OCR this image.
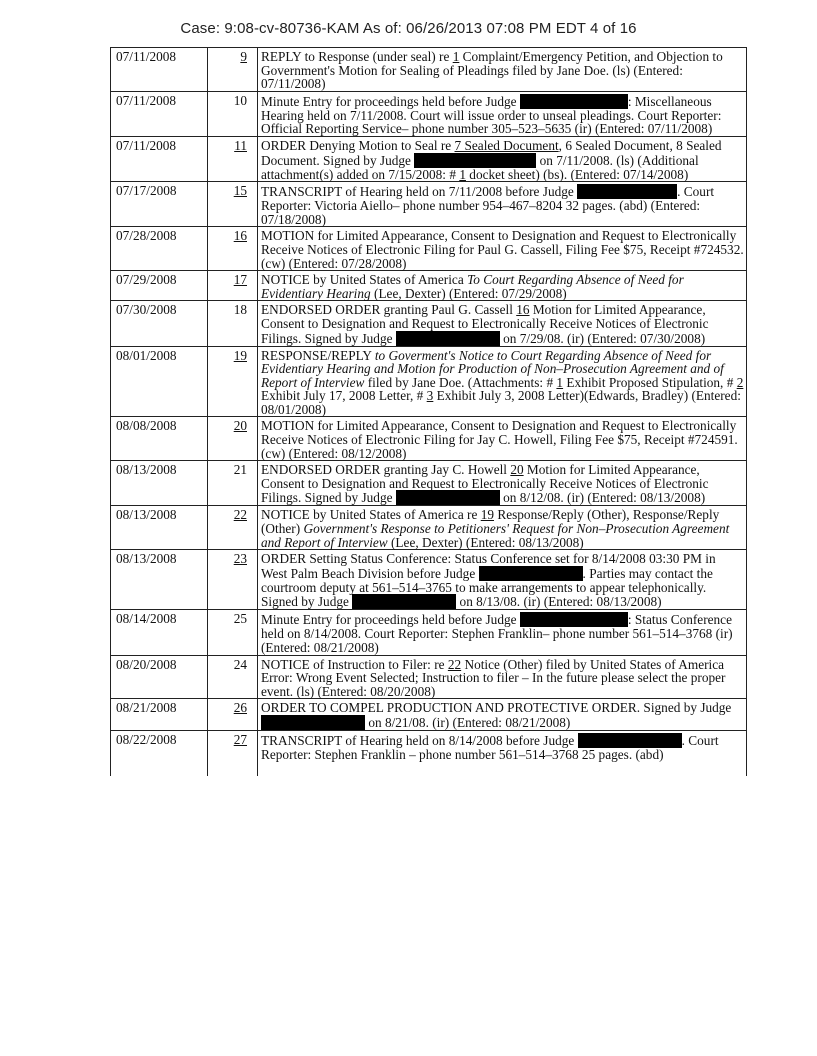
Case: 9:08-cv-80736-KAM As of: 06/26/2013 07:08 PM EDT 4 of 16
07/11/2008	9	REPLY to Response (under seal) re 1 Complaint/Emergency Petition, and Objection to Government's Motion for Sealing of Pleadings filed by Jane Doe. (ls) (Entered: 07/11/2008)
07/11/2008	10	Minute Entry for proceedings held before Judge : Miscellaneous Hearing held on 7/11/2008. Court will issue order to unseal pleadings. Court Reporter: Official Reporting Service– phone number 305–523–5635 (ir) (Entered: 07/11/2008)
07/11/2008	11	ORDER Denying Motion to Seal re 7 Sealed Document, 6 Sealed Document, 8 Sealed Document. Signed by Judge on 7/11/2008. (ls) (Additional attachment(s) added on 7/15/2008: # 1 docket sheet) (bs). (Entered: 07/14/2008)
07/17/2008	15	TRANSCRIPT of Hearing held on 7/11/2008 before Judge . Court Reporter: Victoria Aiello– phone number 954–467–8204 32 pages. (abd) (Entered: 07/18/2008)
07/28/2008	16	MOTION for Limited Appearance, Consent to Designation and Request to Electronically Receive Notices of Electronic Filing for Paul G. Cassell, Filing Fee $75, Receipt #724532. (cw) (Entered: 07/28/2008)
07/29/2008	17	NOTICE by United States of America To Court Regarding Absence of Need for Evidentiary Hearing (Lee, Dexter) (Entered: 07/29/2008)
07/30/2008	18	ENDORSED ORDER granting Paul G. Cassell 16 Motion for Limited Appearance, Consent to Designation and Request to Electronically Receive Notices of Electronic Filings. Signed by Judge on 7/29/08. (ir) (Entered: 07/30/2008)
08/01/2008	19	RESPONSE/REPLY to Goverment's Notice to Court Regarding Absence of Need for Evidentiary Hearing and Motion for Production of Non–Prosecution Agreement and of Report of Interview filed by Jane Doe. (Attachments: # 1 Exhibit Proposed Stipulation, # 2 Exhibit July 17, 2008 Letter, # 3 Exhibit July 3, 2008 Letter)(Edwards, Bradley) (Entered: 08/01/2008)
08/08/2008	20	MOTION for Limited Appearance, Consent to Designation and Request to Electronically Receive Notices of Electronic Filing for Jay C. Howell, Filing Fee $75, Receipt #724591. (cw) (Entered: 08/12/2008)
08/13/2008	21	ENDORSED ORDER granting Jay C. Howell 20 Motion for Limited Appearance, Consent to Designation and Request to Electronically Receive Notices of Electronic Filings. Signed by Judge on 8/12/08. (ir) (Entered: 08/13/2008)
08/13/2008	22	NOTICE by United States of America re 19 Response/Reply (Other), Response/Reply (Other) Government's Response to Petitioners' Request for Non–Prosecution Agreement and Report of Interview (Lee, Dexter) (Entered: 08/13/2008)
08/13/2008	23	ORDER Setting Status Conference: Status Conference set for 8/14/2008 03:30 PM in West Palm Beach Division before Judge . Parties may contact the courtroom deputy at 561–514–3765 to make arrangements to appear telephonically. Signed by Judge on 8/13/08. (ir) (Entered: 08/13/2008)
08/14/2008	25	Minute Entry for proceedings held before Judge : Status Conference held on 8/14/2008. Court Reporter: Stephen Franklin– phone number 561–514–3768 (ir) (Entered: 08/21/2008)
08/20/2008	24	NOTICE of Instruction to Filer: re 22 Notice (Other) filed by United States of America Error: Wrong Event Selected; Instruction to filer – In the future please select the proper event. (ls) (Entered: 08/20/2008)
08/21/2008	26	ORDER TO COMPEL PRODUCTION AND PROTECTIVE ORDER. Signed by Judge  on 8/21/08. (ir) (Entered: 08/21/2008)
08/22/2008	27	TRANSCRIPT of Hearing held on 8/14/2008 before Judge . Court Reporter: Stephen Franklin – phone number 561–514–3768 25 pages. (abd)
